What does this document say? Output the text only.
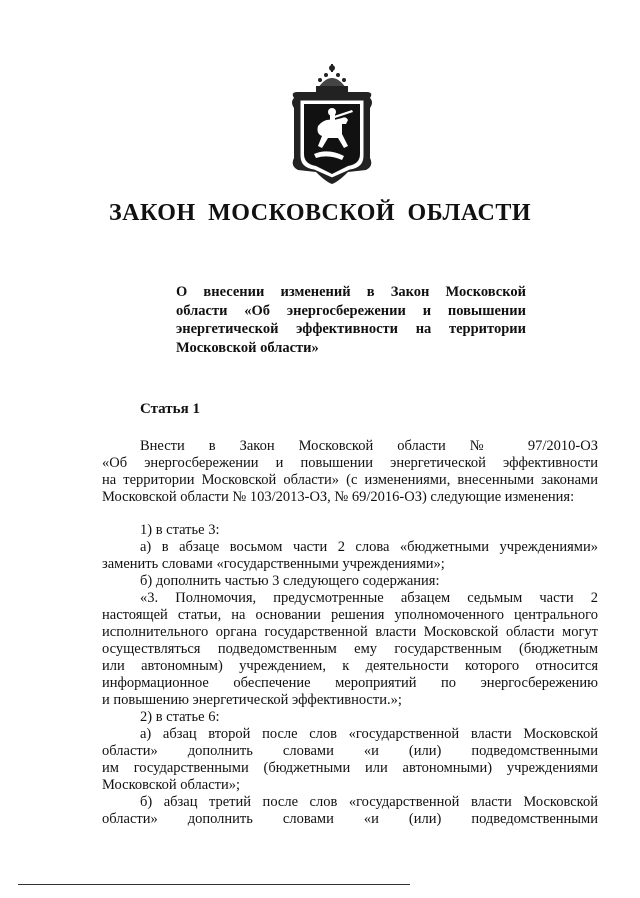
ЗАКОН МОСКОВСКОЙ ОБЛАСТИ
О внесении изменений в Закон Московской
области «Об энергосбережении и повышении
энергетической эффективности на территории
Московской области»
Статья 1
Внести в Закон Московской области № 97/2010-ОЗ
«Об энергосбережении и повышении энергетической эффективности
на территории Московской области» (с изменениями, внесенными законами
Московской области № 103/2013-ОЗ, № 69/2016-ОЗ) следующие изменения:
1) в статье 3:
а) в абзаце восьмом части 2 слова «бюджетными учреждениями»
заменить словами «государственными учреждениями»;
б) дополнить частью 3 следующего содержания:
«3. Полномочия, предусмотренные абзацем седьмым части 2
настоящей статьи, на основании решения уполномоченного центрального
исполнительного органа государственной власти Московской области могут
осуществляться подведомственным ему государственным (бюджетным
или автономным) учреждением, к деятельности которого относится
информационное обеспечение мероприятий по энергосбережению
и повышению энергетической эффективности.»;
2) в статье 6:
а) абзац второй после слов «государственной власти Московской
области» дополнить словами «и (или) подведомственными
им государственными (бюджетными или автономными) учреждениями
Московской области»;
б) абзац третий после слов «государственной власти Московской
области» дополнить словами «и (или) подведомственными
